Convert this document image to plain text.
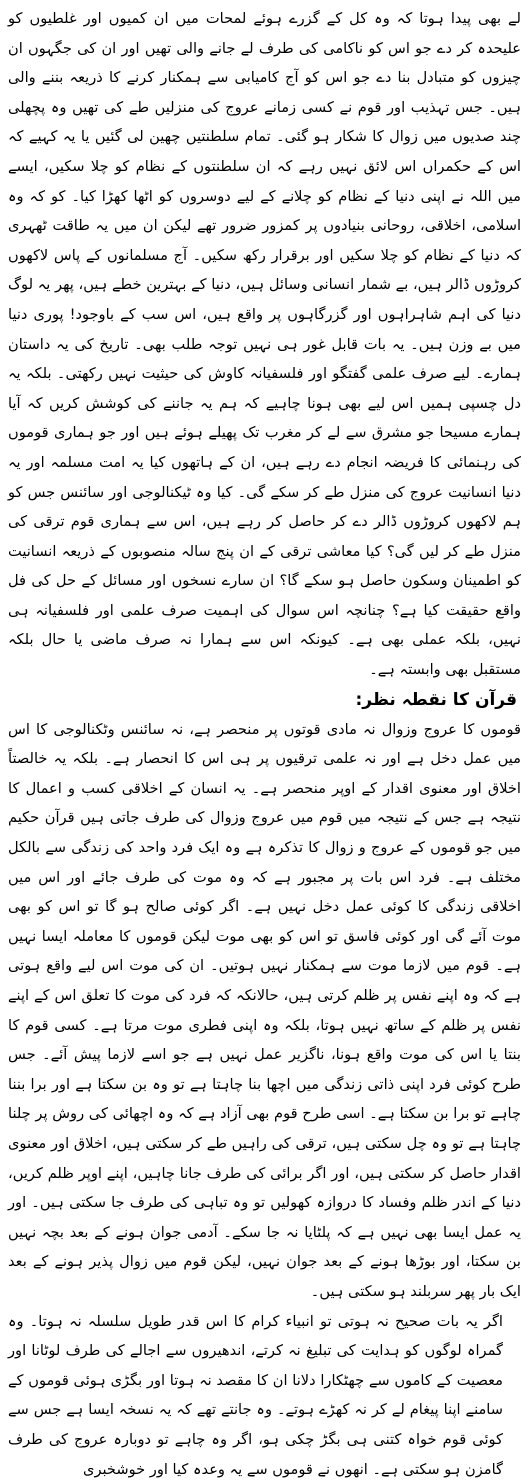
لے بھی پیدا ہوتا کہ وہ کل کے گزرے ہوئے لمحات میں ان کمیوں اور غلطیوں کو علیحدہ کر دے جو اس کو ناکامی کی طرف لے جانے والی تھیں اور ان کی جگہوں ان چیزوں کو متبادل بنا دے جو اس کو آج کامیابی سے ہمکنار کرنے کا ذریعہ بننے والی ہیں۔ جس تہذیب اور قوم نے کسی زمانے عروج کی منزلیں طے کی تھیں وہ پچھلی چند صدیوں میں زوال کا شکار ہو گئی۔ تمام سلطنتیں چھین لی گئیں یا یہ کہیے کہ اس کے حکمراں اس لائق نہیں رہے کہ ان سلطنتوں کے نظام کو چلا سکیں، ایسے میں اللہ نے اپنی دنیا کے نظام کو چلانے کے لیے دوسروں کو اٹھا کھڑا کیا۔ کو کہ وہ اسلامی، اخلاقی، روحانی بنیادوں پر کمزور ضرور تھے لیکن ان میں یہ طاقت ٹھہری کہ دنیا کے نظام کو چلا سکیں اور برقرار رکھ سکیں۔ آج مسلمانوں کے پاس لاکھوں کروڑوں ڈالر ہیں، بے شمار انسانی وسائل ہیں، دنیا کے بہترین خطے ہیں، پھر یہ لوگ دنیا کی اہم شاہراہوں اور گزرگاہوں پر واقع ہیں، اس سب کے باوجود! پوری دنیا میں بے وزن ہیں۔ یہ بات قابل غور ہی نہیں توجہ طلب بھی۔ تاریخ کی یہ داستان ہمارے۔ لیے صرف علمی گفتگو اور فلسفیانہ کاوش کی حیثیت نہیں رکھتی۔ بلکہ یہ دل چسپی ہمیں اس لیے بھی ہونا چاہیے کہ ہم یہ جاننے کی کوشش کریں کہ آیا ہمارے مسیحا جو مشرق سے لے کر مغرب تک پھیلے ہوئے ہیں اور جو ہماری قوموں کی رہنمائی کا فریضہ انجام دے رہے ہیں، ان کے ہاتھوں کیا یہ امت مسلمہ اور یہ دنیا انسانیت عروج کی منزل طے کر سکے گی۔ کیا وہ ٹیکنالوجی اور سائنس جس کو ہم لاکھوں کروڑوں ڈالر دے کر حاصل کر رہے ہیں، اس سے ہماری قوم ترقی کی منزل طے کر لیں گی؟ کیا معاشی ترقی کے ان پنج سالہ منصوبوں کے ذریعہ انسانیت کو اطمینان وسکون حاصل ہو سکے گا؟ ان سارے نسخوں اور مسائل کے حل کی فل واقع حقیقت کیا ہے؟ چنانچہ اس سوال کی اہمیت صرف علمی اور فلسفیانہ ہی نہیں، بلکہ عملی بھی ہے۔ کیونکہ اس سے ہمارا نہ صرف ماضی یا حال بلکہ مستقبل بھی وابستہ ہے۔

قرآن کا نقطہ نظر:

قوموں کا عروج وزوال نہ مادی قوتوں پر منحصر ہے، نہ سائنس وٹکنالوجی کا اس میں عمل دخل ہے اور نہ علمی ترقیوں پر ہی اس کا انحصار ہے۔ بلکہ یہ خالصتاً اخلاق اور معنوی اقدار کے اوپر منحصر ہے۔ یہ انسان کے اخلاقی کسب و اعمال کا نتیجہ ہے جس کے نتیجہ میں قوم میں عروج وزوال کی طرف جاتی ہیں قرآن حکیم میں جو قوموں کے عروج و زوال کا تذکرہ ہے وہ ایک فرد واحد کی زندگی سے بالکل مختلف ہے۔ فرد اس بات پر مجبور ہے کہ وہ موت کی طرف جائے اور اس میں اخلاقی زندگی کا کوئی عمل دخل نہیں ہے۔ اگر کوئی صالح ہو گا تو اس کو بھی موت آئے گی اور کوئی فاسق تو اس کو بھی موت لیکن قوموں کا معاملہ ایسا نہیں ہے۔ قوم میں لازما موت سے ہمکنار نہیں ہوتیں۔ ان کی موت اس لیے واقع ہوتی ہے کہ وہ اپنے نفس پر ظلم کرتی ہیں، حالانکہ کہ فرد کی موت کا تعلق اس کے اپنے نفس پر ظلم کے ساتھ نہیں ہوتا، بلکہ وہ اپنی فطری موت مرتا ہے۔ کسی قوم کا بنتا یا اس کی موت واقع ہونا، ناگزیر عمل نہیں ہے جو اسے لازما پیش آئے۔ جس طرح کوئی فرد اپنی ذاتی زندگی میں اچھا بنا چاہتا ہے تو وہ بن سکتا ہے اور برا بننا چاہے تو برا بن سکتا ہے۔ اسی طرح قوم بھی آزاد ہے کہ وہ اچھائی کی روش پر چلنا چاہتا ہے تو وہ چل سکتی ہیں، ترقی کی راہیں طے کر سکتی ہیں، اخلاق اور معنوی اقدار حاصل کر سکتی ہیں، اور اگر برائی کی طرف جانا چاہیں، اپنے اوپر ظلم کریں، دنیا کے اندر ظلم وفساد کا دروازہ کھولیں تو وہ تباہی کی طرف جا سکتی ہیں۔ اور یہ عمل ایسا بھی نہیں ہے کہ پلٹایا نہ جا سکے۔ آدمی جوان ہونے کے بعد بچہ نہیں بن سکتا، اور بوڑھا ہونے کے بعد جوان نہیں، لیکن قوم میں زوال پذیر ہونے کے بعد ایک بار پھر سربلند ہو سکتی ہیں۔

اگر یہ بات صحیح نہ ہوتی تو انبیاء کرام کا اس قدر طویل سلسلہ نہ ہوتا۔ وہ گمراہ لوگوں کو ہدایت کی تبلیغ نہ کرتے، اندھیروں سے اجالے کی طرف لوٹانا اور معصیت کے کاموں سے چھٹکارا دلانا ان کا مقصد نہ ہوتا اور بگڑی ہوئی قوموں کے سامنے اپنا پیغام لے کر نہ کھڑے ہوتے۔ وہ جانتے تھے کہ یہ نسخہ ایسا ہے جس سے کوئی قوم خواہ کتنی ہی بگڑ چکی ہو، اگر وہ چاہے تو دوبارہ عروج کی طرف گامزن ہو سکتی ہے۔ انھوں نے قوموں سے یہ وعدہ کیا اور خوشخبری
